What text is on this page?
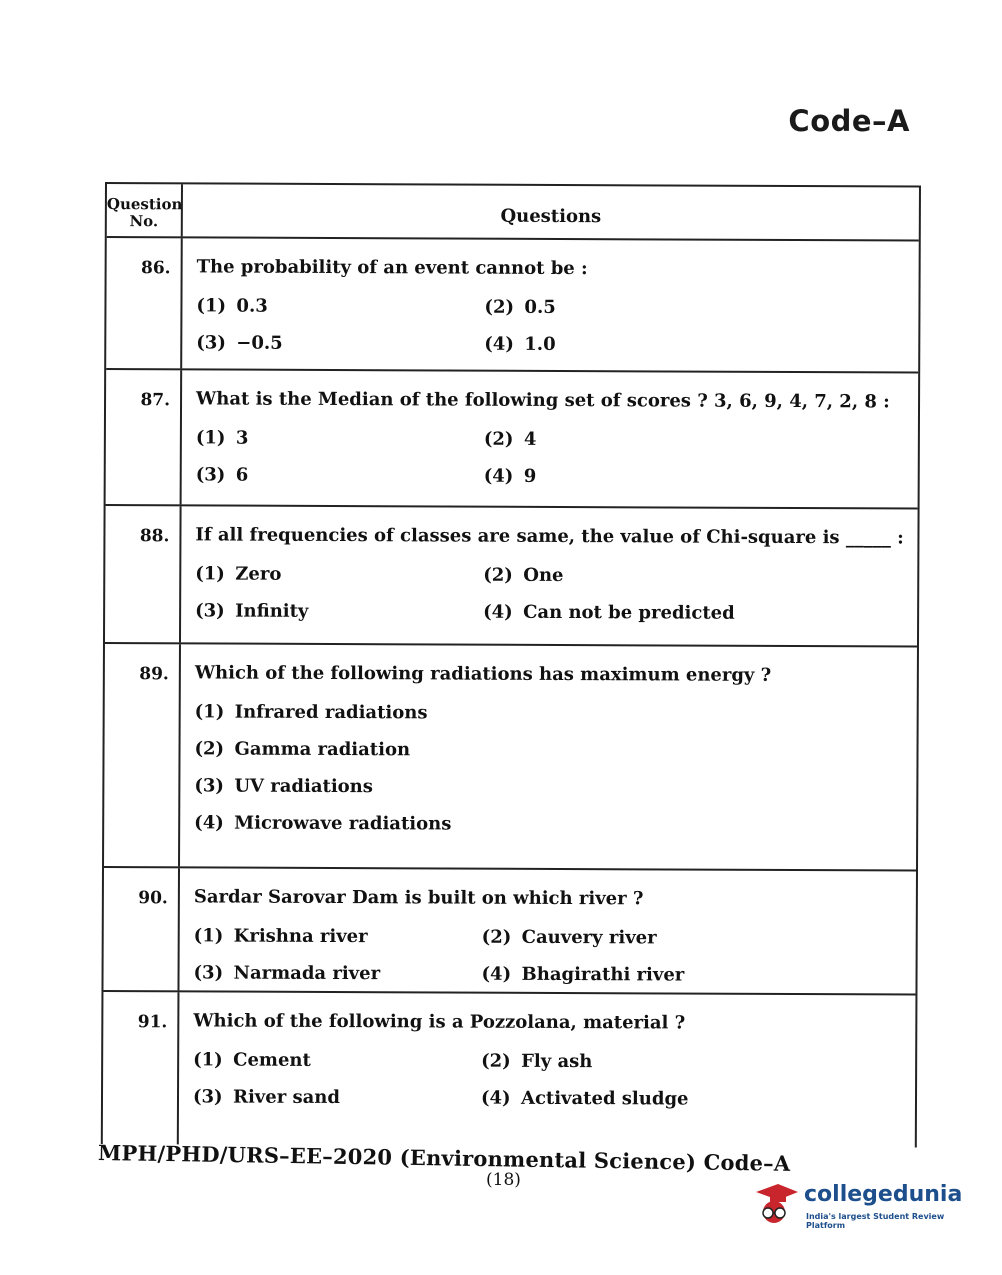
Code–A
Question
No.	Questions
86.	The probability of an event cannot be :
(1) 0.3	(2) 0.5
(3) −0.5	(4) 1.0
87.	What is the Median of the following set of scores ? 3, 6, 9, 4, 7, 2, 8 :
(1) 3	(2) 4
(3) 6	(4) 9
88.	If all frequencies of classes are same, the value of Chi-square is _____ :
(1) Zero	(2) One
(3) Infinity	(4) Can not be predicted
89.	Which of the following radiations has maximum energy ?
(1) Infrared radiations
(2) Gamma radiation
(3) UV radiations
(4) Microwave radiations
90.	Sardar Sarovar Dam is built on which river ?
(1) Krishna river	(2) Cauvery river
(3) Narmada river	(4) Bhagirathi river
91.	Which of the following is a Pozzolana, material ?
(1) Cement	(2) Fly ash
(3) River sand	(4) Activated sludge
MPH/PHD/URS–EE–2020 (Environmental Science) Code–A
(18)
collegedunia
India's largest Student Review Platform
